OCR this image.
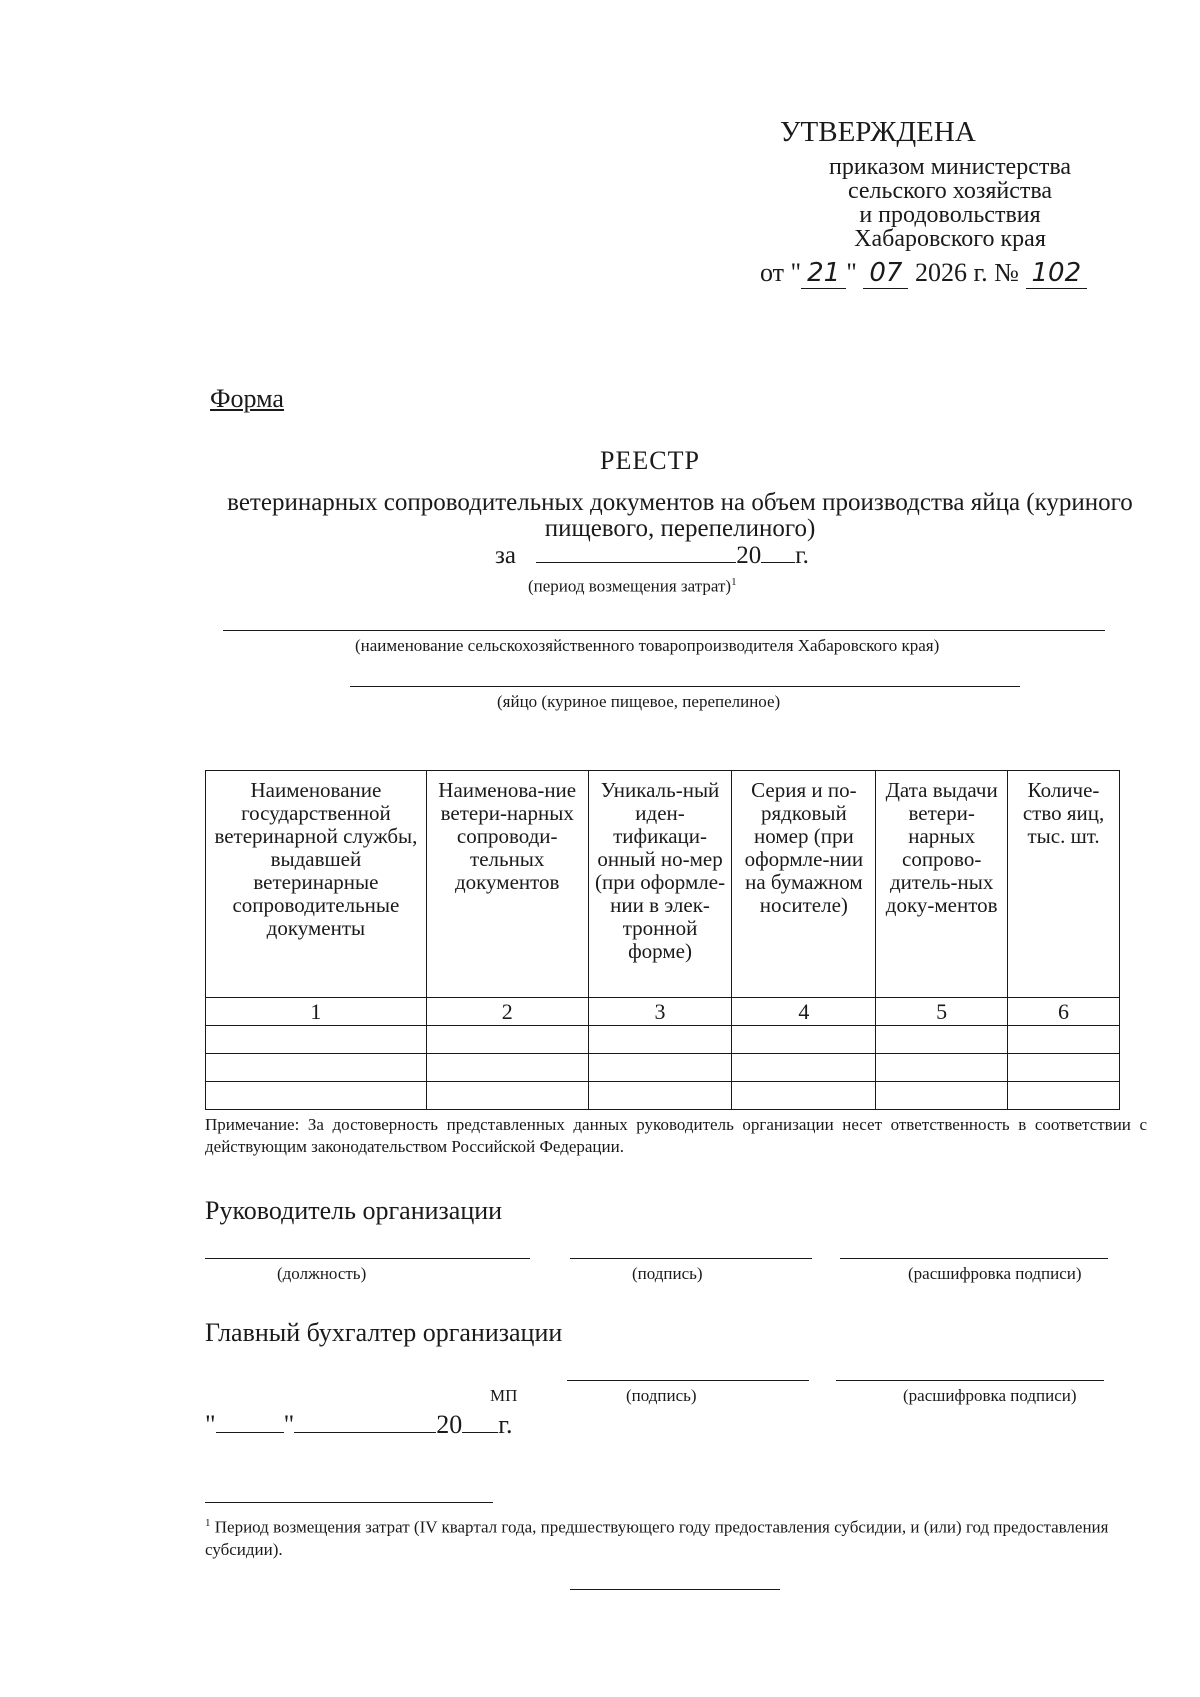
УТВЕРЖДЕНА
приказом министерства
сельского хозяйства
и продовольствия
Хабаровского края
от " 21 " 07 2026 г. № 102
Форма
РЕЕСТР
ветеринарных сопроводительных документов на объем производства яйца (куриного пищевого, перепелиного)
за	20 г.
(период возмещения затрат)$^1$
(наименование сельскохозяйственного товаропроизводителя Хабаровского края)
(яйцо (куриное пищевое, перепелиное)
Наименование государственной ветеринарной службы, выдавшей ветеринарные сопроводительные документы	Наименова-ние ветери-нарных сопроводи-тельных документов	Уникаль-ный иден-тификаци-онный но-мер (при оформле-нии в элек-тронной форме)	Серия и по-рядковый номер (при оформле-нии на бумажном носителе)	Дата выдачи ветери-нарных сопрово-дитель-ных доку-ментов	Количе-ство яиц, тыс. шт.
1	2	3	4	5	6

Примечание: За достоверность представленных данных руководитель организации несет ответственность в соответствии с действующим законодательством Российской Федерации.
Руководитель организации
(должность)	(подпись)	(расшифровка подписи)
Главный бухгалтер организации
МП	(подпись)	(расшифровка подписи)
"	"	20 г.
$^1$ Период возмещения затрат (IV квартал года, предшествующего году предоставления субсидии, и (или) год предоставления субсидии).
